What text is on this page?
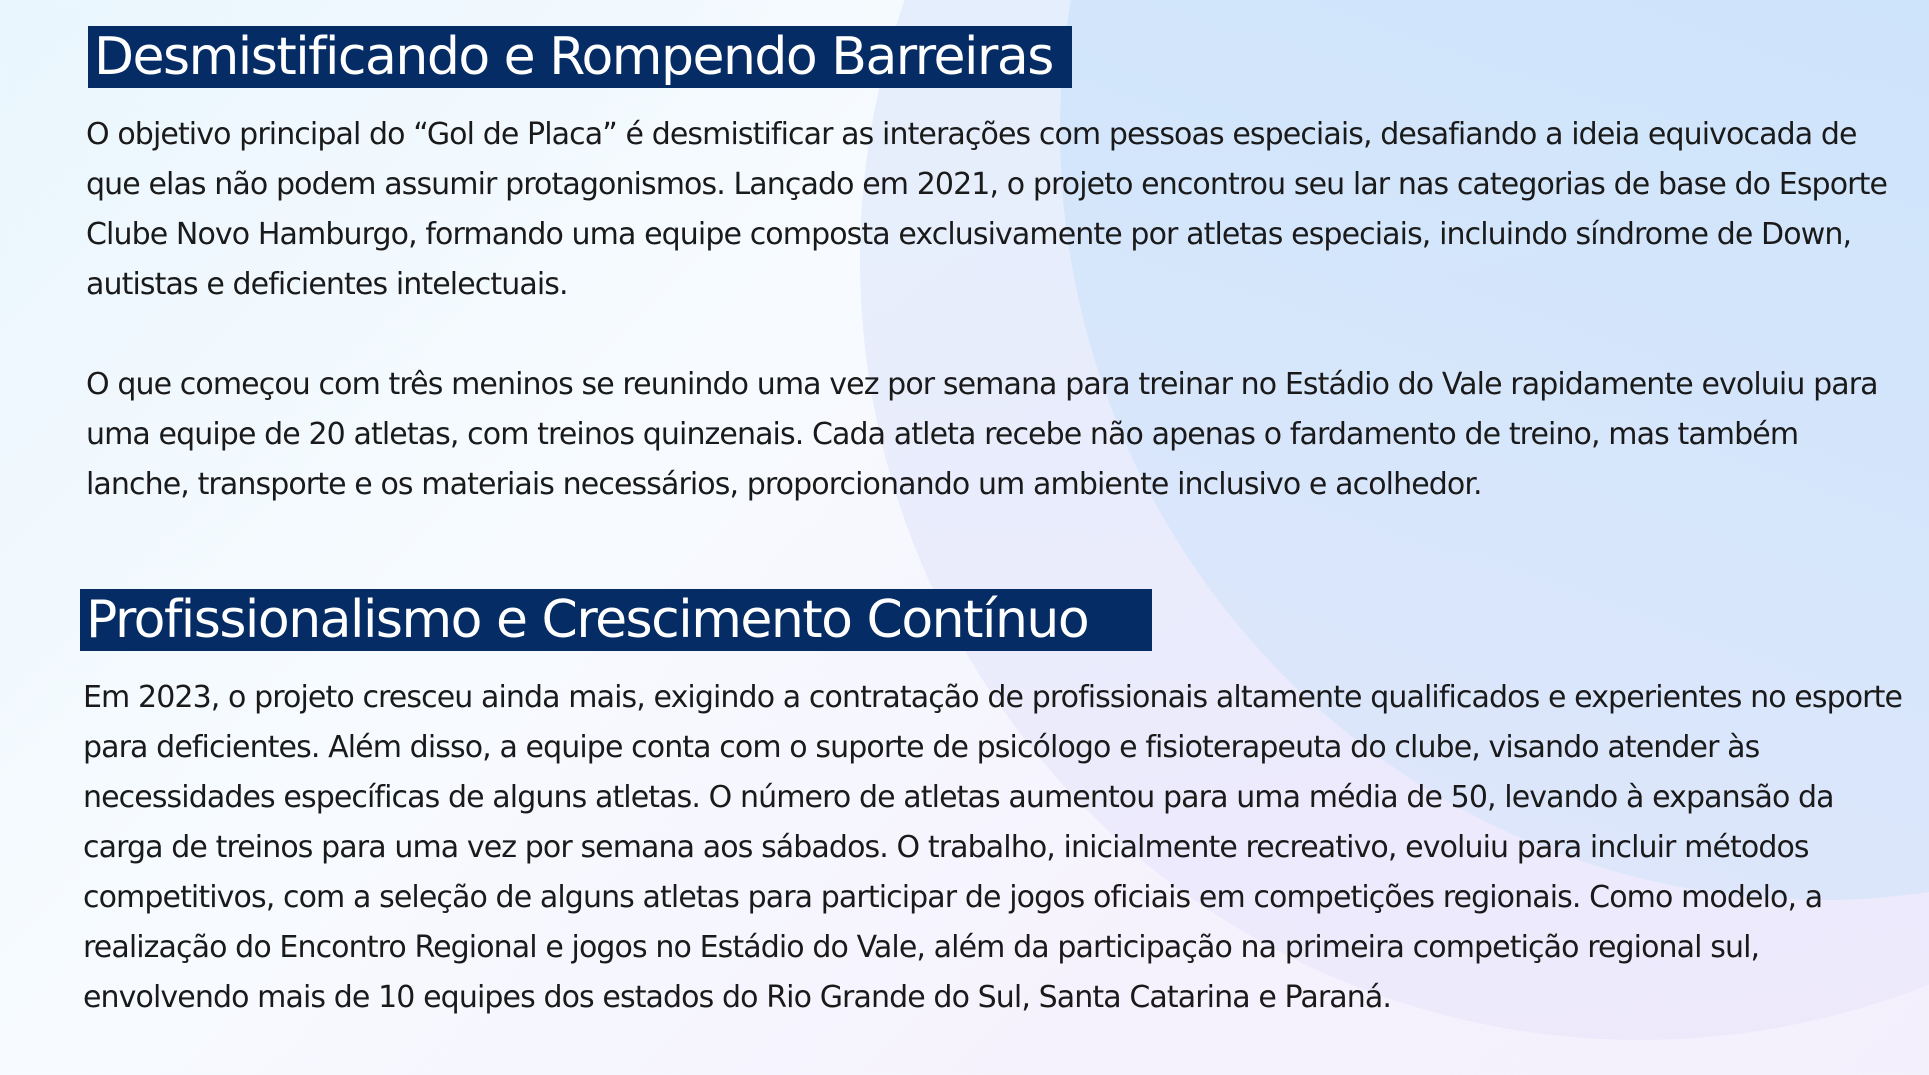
Desmistificando e Rompendo Barreiras

O objetivo principal do “Gol de Placa” é desmistificar as interações com pessoas especiais, desafiando a ideia equivocada de que elas não podem assumir protagonismos. Lançado em 2021, o projeto encontrou seu lar nas categorias de base do Esporte Clube Novo Hamburgo, formando uma equipe composta exclusivamente por atletas especiais, incluindo síndrome de Down, autistas e deficientes intelectuais.

O que começou com três meninos se reunindo uma vez por semana para treinar no Estádio do Vale rapidamente evoluiu para uma equipe de 20 atletas, com treinos quinzenais. Cada atleta recebe não apenas o fardamento de treino, mas também lanche, transporte e os materiais necessários, proporcionando um ambiente inclusivo e acolhedor.

Profissionalismo e Crescimento Contínuo

Em 2023, o projeto cresceu ainda mais, exigindo a contratação de profissionais altamente qualificados e experientes no esporte para deficientes. Além disso, a equipe conta com o suporte de psicólogo e fisioterapeuta do clube, visando atender às necessidades específicas de alguns atletas. O número de atletas aumentou para uma média de 50, levando à expansão da carga de treinos para uma vez por semana aos sábados. O trabalho, inicialmente recreativo, evoluiu para incluir métodos competitivos, com a seleção de alguns atletas para participar de jogos oficiais em competições regionais. Como modelo, a realização do Encontro Regional e jogos no Estádio do Vale, além da participação na primeira competição regional sul, envolvendo mais de 10 equipes dos estados do Rio Grande do Sul, Santa Catarina e Paraná.
